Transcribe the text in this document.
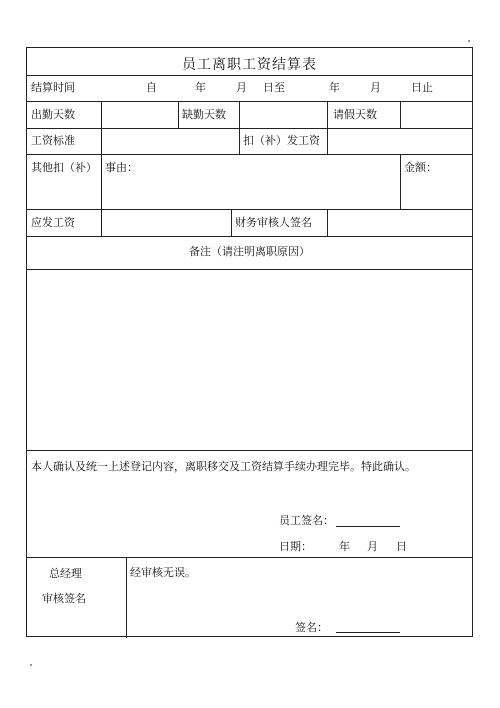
员工离职工资结算表
结算时间	自	年	月 日至	年	月	日止
出勤天数	缺勤天数	请假天数
工资标准	扣（补）发工资
其他扣（补） 事由：	金额：
应发工资	财务审核人签名
备注（请注明离职原因）
本人确认及统一上述登记内容，离职移交及工资结算手续办理完毕。特此确认。
员工签名：
日期： 年 月 日
总经理
审核签名
经审核无误。
签名：
